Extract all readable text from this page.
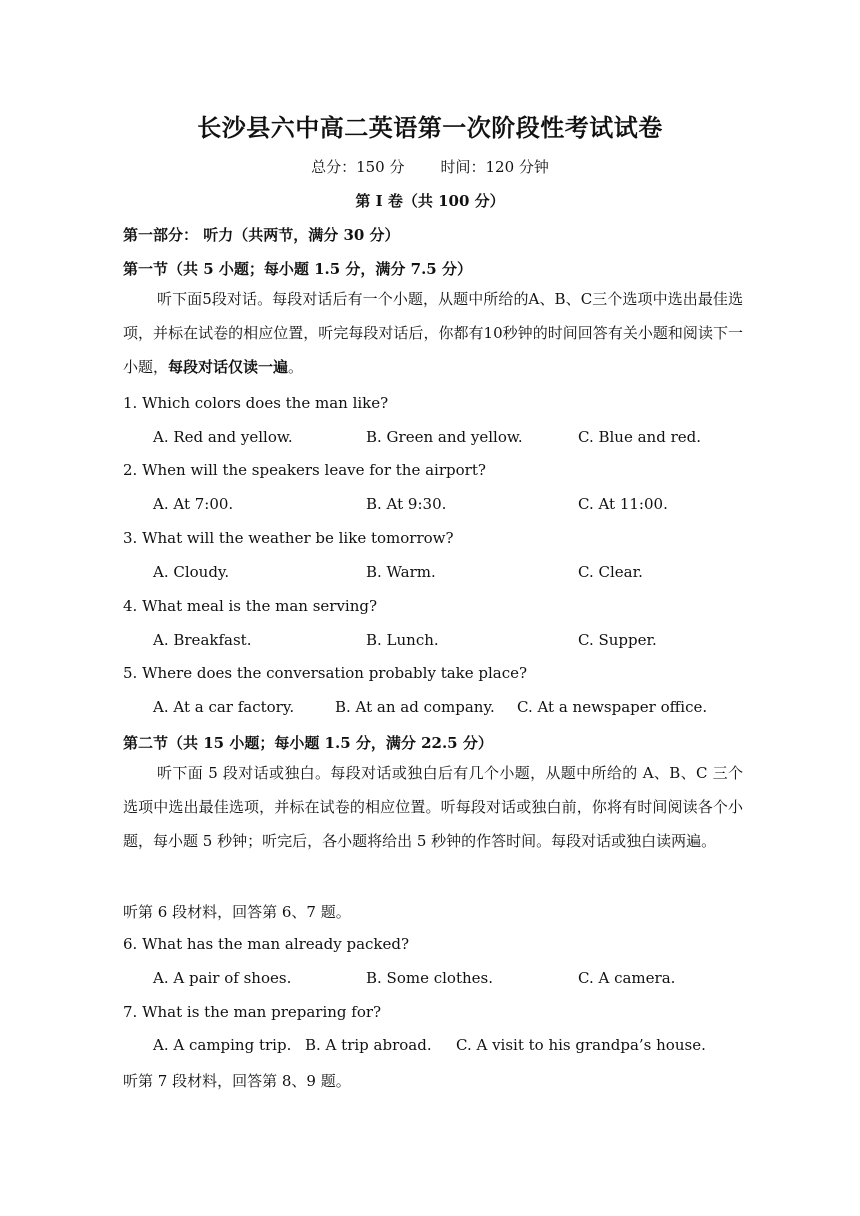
长沙县六中高二英语第一次阶段性考试试卷
总分：150 分 时间：120 分钟
第 I 卷（共 100 分）
第一部分： 听力（共两节，满分 30 分）
第一节（共 5 小题；每小题 1.5 分，满分 7.5 分）
听下面5段对话。每段对话后有一个小题，从题中所给的A、B、C三个选项中选出最佳选项，并标在试卷的相应位置，听完每段对话后，你都有10秒钟的时间回答有关小题和阅读下一小题，每段对话仅读一遍。
1. Which colors does the man like?
A. Red and yellow.	B. Green and yellow.	C. Blue and red.
2. When will the speakers leave for the airport?
A. At 7:00.	B. At 9:30.	C. At 11:00.
3. What will the weather be like tomorrow?
A. Cloudy.	B. Warm.	C. Clear.
4. What meal is the man serving?
A. Breakfast.	B. Lunch.	C. Supper.
5. Where does the conversation probably take place?
A. At a car factory.	B. At an ad company. C. At a newspaper office.
第二节（共 15 小题；每小题 1.5 分，满分 22.5 分）
听下面 5 段对话或独白。每段对话或独白后有几个小题，从题中所给的 A、B、C 三个选项中选出最佳选项，并标在试卷的相应位置。听每段对话或独白前，你将有时间阅读各个小题，每小题 5 秒钟；听完后，各小题将给出 5 秒钟的作答时间。每段对话或独白读两遍。
听第 6 段材料，回答第 6、7 题。
6. What has the man already packed?
A. A pair of shoes.	B. Some clothes.	C. A camera.
7. What is the man preparing for?
A. A camping trip. B. A trip abroad. C. A visit to his grandpa’s house.
听第 7 段材料，回答第 8、9 题。
